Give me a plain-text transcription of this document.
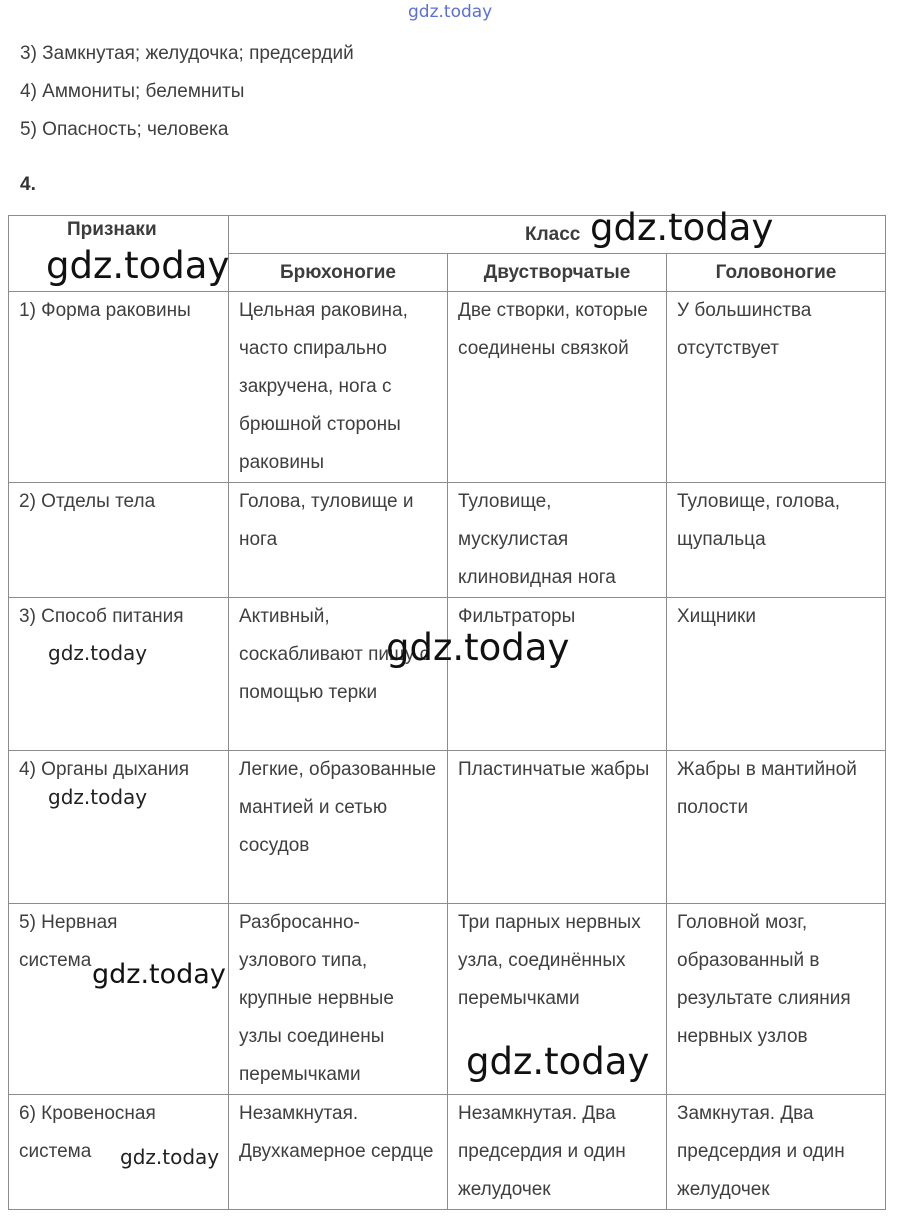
gdz.today
3) Замкнутая; желудочка; предсердий
4) Аммониты; белемниты
5) Опасность; человека
4.
Признаки	Класс		
	Брюхоногие	Двустворчатые	Головоногие
1) Форма раковины	Цельная раковина, часто спирально закручена, нога с брюшной стороны раковины	Две створки, которые соединены связкой	У большинства отсутствует
2) Отделы тела	Голова, туловище и нога	Туловище, мускулистая клиновидная нога	Туловище, голова, щупальца
3) Способ питания	Активный, соскабливают пищу с помощью терки	Фильтраторы	Хищники
4) Органы дыхания	Легкие, образованные мантией и сетью сосудов	Пластинчатые жабры	Жабры в мантийной полости
5) Нервная система	Разбросанно-узлового типа, крупные нервные узлы соединены перемычками	Три парных нервных узла, соединённых перемычками	Головной мозг, образованный в результате слияния нервных узлов
6) Кровеносная система	Незамкнутая. Двухкамерное сердце	Незамкнутая. Два предсердия и один желудочек	Замкнутая. Два предсердия и один желудочек
gdz.today
gdz.today
gdz.today
gdz.today
gdz.today
gdz.today
gdz.today
gdz.today
